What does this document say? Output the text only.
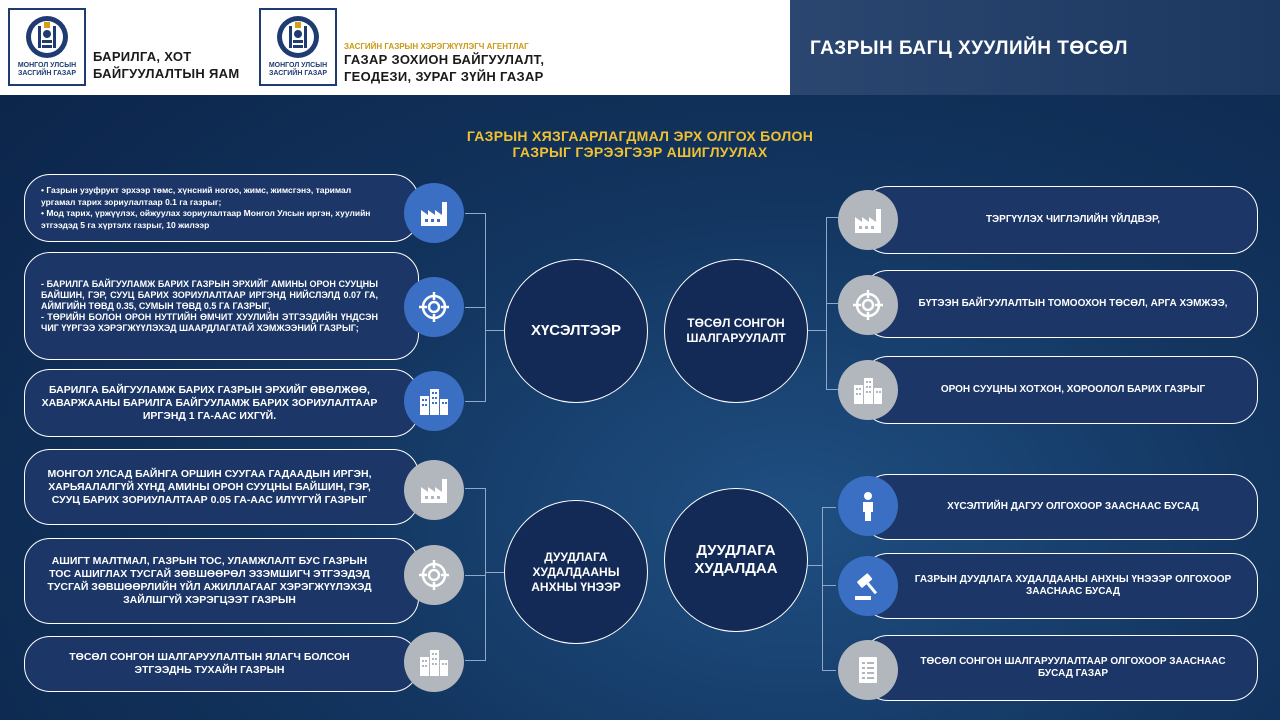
МОНГОЛ УЛСЫН ЗАСГИЙН ГАЗАР
БАРИЛГА, ХОТ
БАЙГУУЛАЛТЫН ЯАМ
МОНГОЛ УЛСЫН ЗАСГИЙН ГАЗАР
ЗАСГИЙН ГАЗРЫН ХЭРЭГЖҮҮЛЭГЧ АГЕНТЛАГ
ГАЗАР ЗОХИОН БАЙГУУЛАЛТ,
ГЕОДЕЗИ, ЗУРАГ ЗҮЙН ГАЗАР
ГАЗРЫН БАГЦ ХУУЛИЙН ТӨСӨЛ
ГАЗРЫН ХЯЗГААРЛАГДМАЛ ЭРХ ОЛГОХ БОЛОН
ГАЗРЫГ ГЭРЭЭГЭЭР АШИГЛУУЛАХ
• Газрын узуфрукт эрхээр төмс, хүнсний ногоо, жимс, жимсгэнэ, таримал ургамал тарих зориулалтаар 0.1 га газрыг;
• Мод тарих, үржүүлэх, ойжуулах зориулалтаар Монгол Улсын иргэн, хуулийн этгээдэд 5 га хүртэлх газрыг, 10 жилээр
- БАРИЛГА БАЙГУУЛАМЖ БАРИХ ГАЗРЫН ЭРХИЙГ АМИНЫ ОРОН СУУЦНЫ БАЙШИН, ГЭР, СУУЦ БАРИХ ЗОРИУЛАЛТААР ИРГЭНД НИЙСЛЭЛД 0.07 ГА, АЙМГИЙН ТӨВД 0.35, СУМЫН ТӨВД 0.5 ГА ГАЗРЫГ,
- ТӨРИЙН БОЛОН ОРОН НУТГИЙН ӨМЧИТ ХУУЛИЙН ЭТГЭЭДИЙН ҮНДСЭН ЧИГ ҮҮРГЭЭ ХЭРЭГЖҮҮЛЭХЭД ШААРДЛАГАТАЙ ХЭМЖЭЭНИЙ ГАЗРЫГ;
БАРИЛГА БАЙГУУЛАМЖ БАРИХ ГАЗРЫН ЭРХИЙГ ӨВӨЛЖӨӨ, ХАВАРЖААНЫ БАРИЛГА БАЙГУУЛАМЖ БАРИХ ЗОРИУЛАЛТААР ИРГЭНД 1 ГА-ААС ИХГҮЙ.
МОНГОЛ УЛСАД БАЙНГА ОРШИН СУУГАА ГАДААДЫН ИРГЭН, ХАРЬЯАЛАЛГҮЙ ХҮНД АМИНЫ ОРОН СУУЦНЫ БАЙШИН, ГЭР, СУУЦ БАРИХ ЗОРИУЛАЛТААР 0.05 ГА-ААС ИЛҮҮГҮЙ ГАЗРЫГ
АШИГТ МАЛТМАЛ, ГАЗРЫН ТОС, УЛАМЖЛАЛТ БУС ГАЗРЫН ТОС АШИГЛАХ ТУСГАЙ ЗӨВШӨӨРӨЛ ЭЗЭМШИГЧ ЭТГЭЭДЭД ТУСГАЙ ЗӨВШӨӨРЛИЙН ҮЙЛ АЖИЛЛАГААГ ХЭРЭГЖҮҮЛЭХЭД ЗАЙЛШГҮЙ ХЭРЭГЦЭЭТ ГАЗРЫН
ТӨСӨЛ СОНГОН ШАЛГАРУУЛАЛТЫН ЯЛАГЧ БОЛСОН ЭТГЭЭДНЬ ТУХАЙН ГАЗРЫН
ХҮСЭЛТЭЭР	ТӨСӨЛ СОНГОН
ШАЛГАРУУЛАЛТ
ДУУДЛАГА
ХУДАЛДААНЫ
АНХНЫ ҮНЭЭР
ДУУДЛАГА
ХУДАЛДАА
ТЭРГҮҮЛЭХ ЧИГЛЭЛИЙН ҮЙЛДВЭР,
БҮТЭЭН БАЙГУУЛАЛТЫН ТОМООХОН ТӨСӨЛ, АРГА ХЭМЖЭЭ,
ОРОН СУУЦНЫ ХОТХОН, ХОРООЛОЛ БАРИХ ГАЗРЫГ
ХҮСЭЛТИЙН ДАГУУ ОЛГОХООР ЗААСНААС БУСАД
ГАЗРЫН ДУУДЛАГА ХУДАЛДААНЫ АНХНЫ ҮНЭЭЭР ОЛГОХООР ЗААСНААС БУСАД
ТӨСӨЛ СОНГОН ШАЛГАРУУЛАЛТААР ОЛГОХООР ЗААСНААС БУСАД ГАЗАР
